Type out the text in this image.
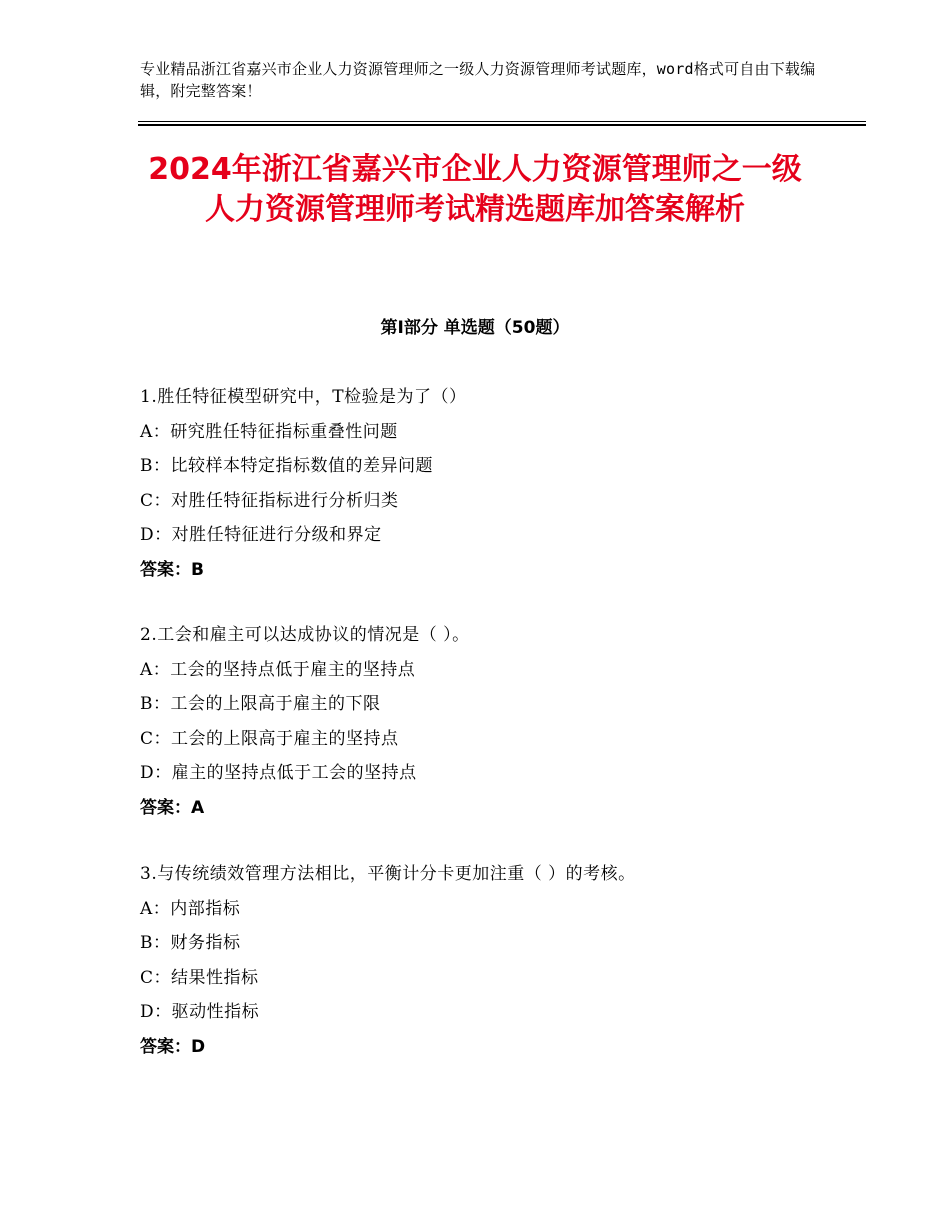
专业精品浙江省嘉兴市企业人力资源管理师之一级人力资源管理师考试题库，word格式可自由下载编辑，附完整答案！
2024年浙江省嘉兴市企业人力资源管理师之一级人力资源管理师考试精选题库加答案解析
第Ⅰ部分 单选题（50题）
1.胜任特征模型研究中，T检验是为了（）
A：研究胜任特征指标重叠性问题
B：比较样本特定指标数值的差异问题
C：对胜任特征指标进行分析归类
D：对胜任特征进行分级和界定
答案：B
2.工会和雇主可以达成协议的情况是（ ）。
A：工会的坚持点低于雇主的坚持点
B：工会的上限高于雇主的下限
C：工会的上限高于雇主的坚持点
D：雇主的坚持点低于工会的坚持点
答案：A
3.与传统绩效管理方法相比，平衡计分卡更加注重（ ）的考核。
A：内部指标
B：财务指标
C：结果性指标
D：驱动性指标
答案：D
